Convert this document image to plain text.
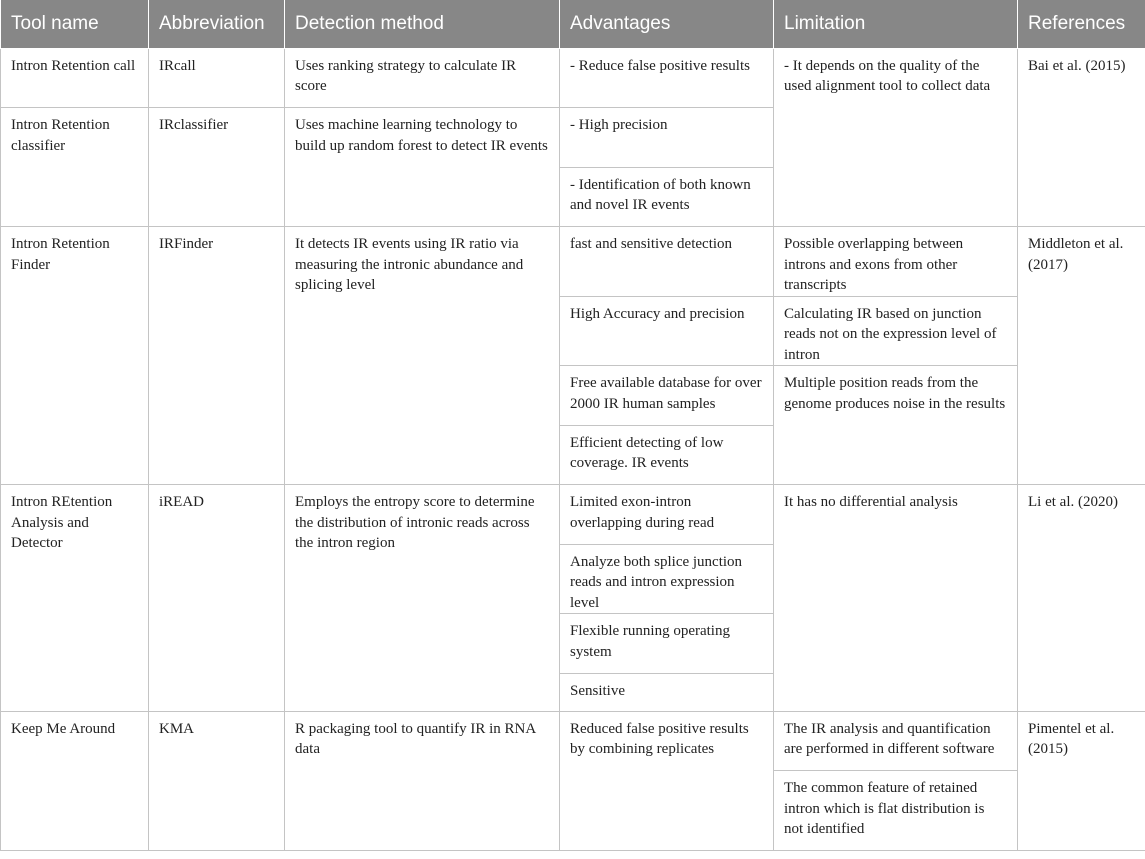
Tool name	Abbreviation	Detection method	Advantages	Limitation	References
Intron Retention call	IRcall	Uses ranking strategy to calculate IR score	- Reduce false positive results	- It depends on the quality of the used alignment tool to collect data	Bai et al. (2015)
Intron Retention classifier	IRclassifier	Uses machine learning technology to build up random forest to detect IR events	- High precision		
			- Identification of both known and novel IR events		
Intron Retention Finder	IRFinder	It detects IR events using IR ratio via measuring the intronic abundance and splicing level	fast and sensitive detection	Possible overlapping between introns and exons from other transcripts	Middleton et al. (2017)
			High Accuracy and precision	Calculating IR based on junction reads not on the expression level of intron	
			Free available database for over 2000 IR human samples	Multiple position reads from the genome produces noise in the results	
			Efficient detecting of low coverage. IR events		
Intron REtention Analysis and Detector	iREAD	Employs the entropy score to determine the distribution of intronic reads across the intron region	Limited exon-intron overlapping during read	It has no differential analysis	Li et al. (2020)
			Analyze both splice junction reads and intron expression level		
			Flexible running operating system		
			Sensitive		
Keep Me Around	KMA	R packaging tool to quantify IR in RNA data	Reduced false positive results by combining replicates	The IR analysis and quantification are performed in different software	Pimentel et al. (2015)
				The common feature of retained intron which is flat distribution is not identified	
